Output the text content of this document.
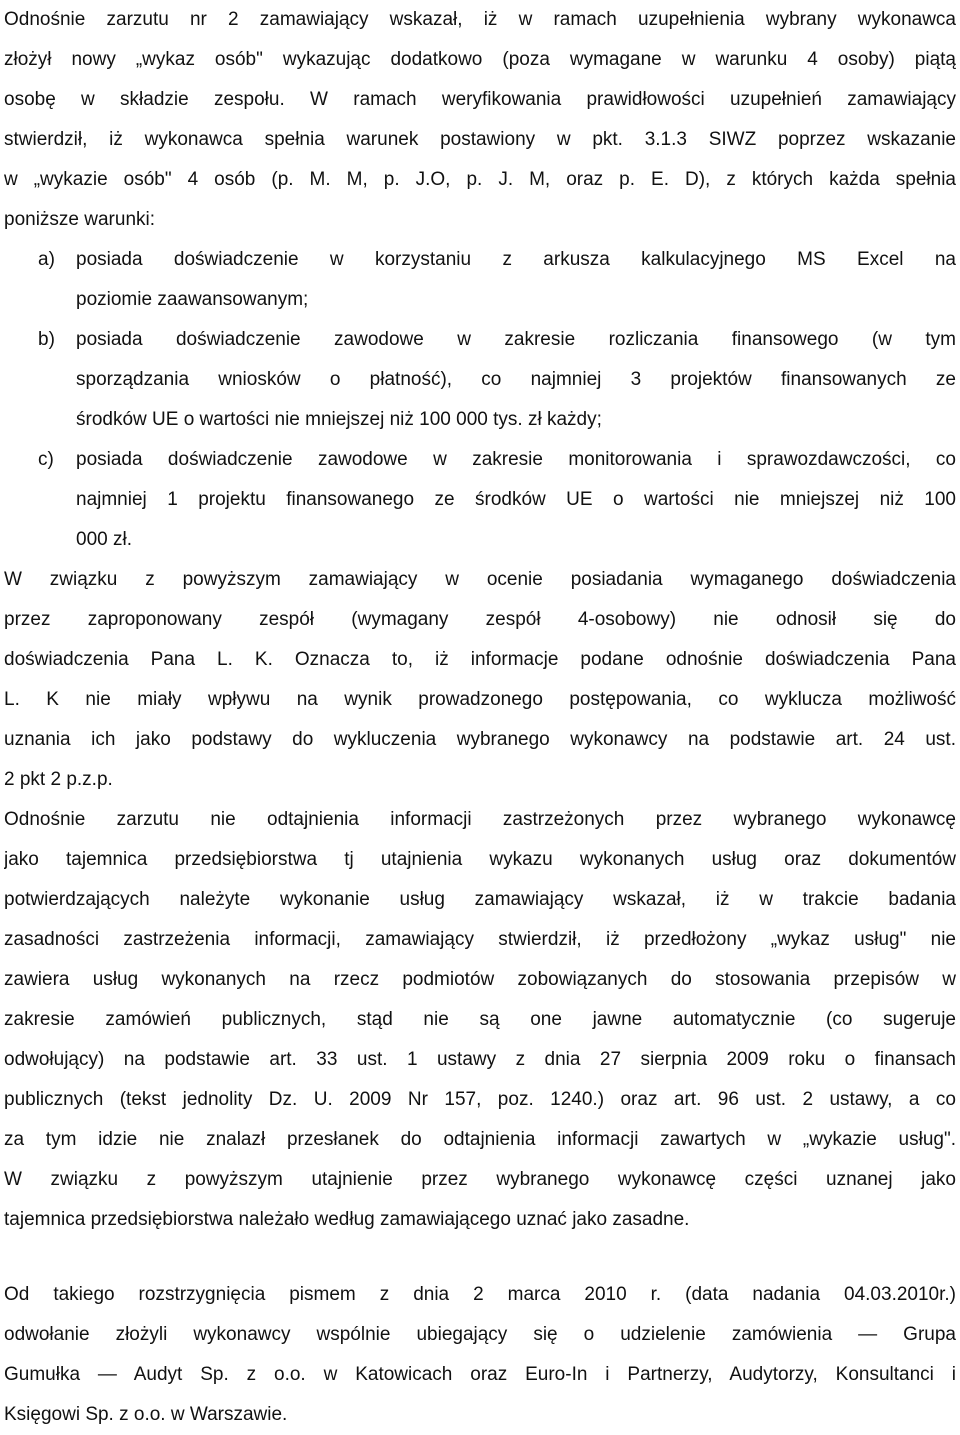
Odnośnie zarzutu nr 2 zamawiający wskazał, iż w ramach uzupełnienia wybrany wykonawca
złożył nowy „wykaz osób" wykazując dodatkowo (poza wymagane w warunku 4 osoby) piątą
osobę w składzie zespołu. W ramach weryfikowania prawidłowości uzupełnień zamawiający
stwierdził, iż wykonawca spełnia warunek postawiony w pkt. 3.1.3 SIWZ poprzez wskazanie
w „wykazie osób" 4 osób (p. M. M, p. J.O, p. J. M, oraz p. E. D), z których każda spełnia
poniższe warunki:
a) posiada doświadczenie w korzystaniu z arkusza kalkulacyjnego MS Excel na
poziomie zaawansowanym;
b) posiada doświadczenie zawodowe w zakresie rozliczania finansowego (w tym
sporządzania wniosków o płatność), co najmniej 3 projektów finansowanych ze
środków UE o wartości nie mniejszej niż 100 000 tys. zł każdy;
c) posiada doświadczenie zawodowe w zakresie monitorowania i sprawozdawczości, co
najmniej 1 projektu finansowanego ze środków UE o wartości nie mniejszej niż 100
000 zł.
W związku z powyższym zamawiający w ocenie posiadania wymaganego doświadczenia
przez zaproponowany zespół (wymagany zespół 4-osobowy) nie odnosił się do
doświadczenia Pana L. K. Oznacza to, iż informacje podane odnośnie doświadczenia Pana
L. K nie miały wpływu na wynik prowadzonego postępowania, co wyklucza możliwość
uznania ich jako podstawy do wykluczenia wybranego wykonawcy na podstawie art. 24 ust.
2 pkt 2 p.z.p.
Odnośnie zarzutu nie odtajnienia informacji zastrzeżonych przez wybranego wykonawcę
jako tajemnica przedsiębiorstwa tj utajnienia wykazu wykonanych usług oraz dokumentów
potwierdzających należyte wykonanie usług zamawiający wskazał, iż w trakcie badania
zasadności zastrzeżenia informacji, zamawiający stwierdził, iż przedłożony „wykaz usług" nie
zawiera usług wykonanych na rzecz podmiotów zobowiązanych do stosowania przepisów w
zakresie zamówień publicznych, stąd nie są one jawne automatycznie (co sugeruje
odwołujący) na podstawie art. 33 ust. 1 ustawy z dnia 27 sierpnia 2009 roku o finansach
publicznych (tekst jednolity Dz. U. 2009 Nr 157, poz. 1240.) oraz art. 96 ust. 2 ustawy, a co
za tym idzie nie znalazł przesłanek do odtajnienia informacji zawartych w „wykazie usług".
W związku z powyższym utajnienie przez wybranego wykonawcę części uznanej jako
tajemnica przedsiębiorstwa należało według zamawiającego uznać jako zasadne.
Od takiego rozstrzygnięcia pismem z dnia 2 marca 2010 r. (data nadania 04.03.2010r.)
odwołanie złożyli wykonawcy wspólnie ubiegający się o udzielenie zamówienia ― Grupa
Gumułka ― Audyt Sp. z o.o. w Katowicach oraz Euro-In i Partnerzy, Audytorzy, Konsultanci i
Księgowi Sp. z o.o. w Warszawie.
